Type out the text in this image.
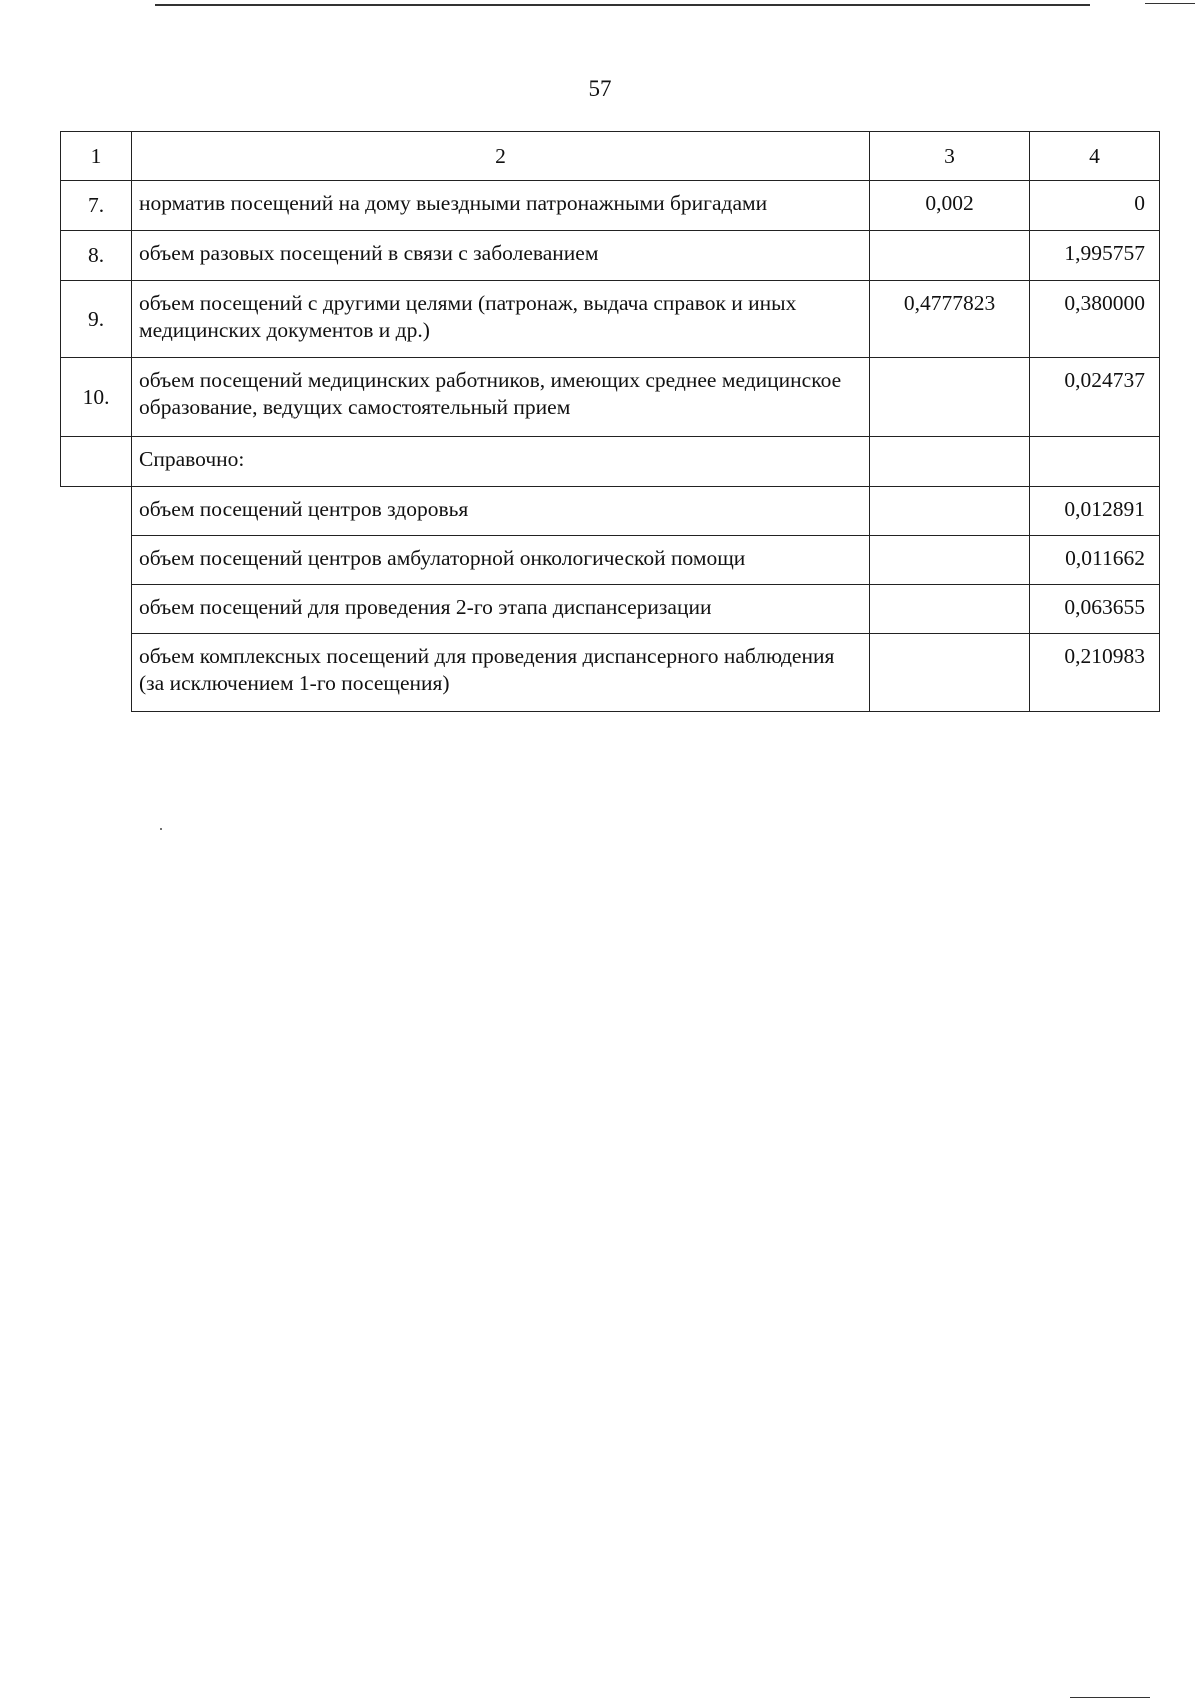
57
1	2	3	4
7.	норматив посещений на дому выездными патронажными бригадами	0,002	0
8.	объем разовых посещений в связи с заболеванием		1,995757
9.	объем посещений с другими целями (патронаж, выдача справок и иных медицинских документов и др.)	0,4777823	0,380000
10.	объем посещений медицинских работников, имеющих среднее медицинское образование, ведущих самостоятельный прием		0,024737
	Справочно:		
	объем посещений центров здоровья		0,012891
	объем посещений центров амбулаторной онкологической помощи		0,011662
	объем посещений для проведения 2-го этапа диспансеризации		0,063655
	объем комплексных посещений для проведения диспансерного наблюдения (за исключением 1-го посещения)		0,210983
